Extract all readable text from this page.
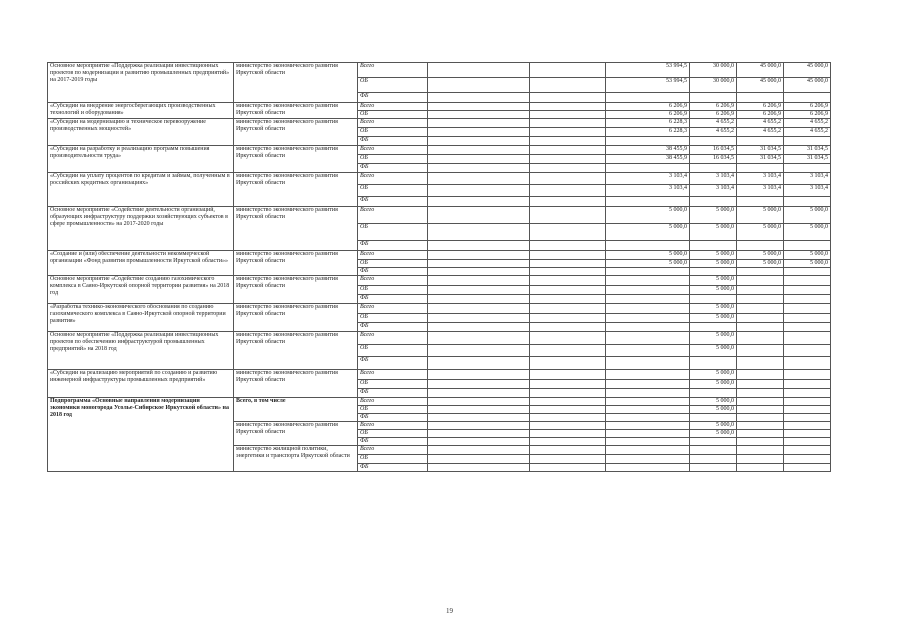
Основное мероприятие «Поддержка реализации инвестиционных проектов по модернизации и развитию промышленных предприятий» на 2017-2019 годы	министерство экономического развития Иркутской области	Всего			53 994,5	30 000,0	45 000,0	45 000,0
		ОБ			53 994,5	30 000,0	45 000,0	45 000,0
		ФБ						
«Субсидии на внедрение энергосберегающих производственных технологий и оборудования»	министерство экономического развития Иркутской области	Всего			6 206,9	6 206,9	6 206,9	6 206,9
		ОБ			6 206,9	6 206,9	6 206,9	6 206,9
«Субсидии на модернизацию и техническое перевооружение производственных мощностей»	министерство экономического развития Иркутской области	Всего			6 228,3	4 655,2	4 655,2	4 655,2
		ОБ			6 228,3	4 655,2	4 655,2	4 655,2
		ФБ						
«Субсидии на разработку и реализацию программ повышения производительности труда»	министерство экономического развития Иркутской области	Всего			38 455,9	16 034,5	31 034,5	31 034,5
		ОБ			38 455,9	16 034,5	31 034,5	31 034,5
		ФБ						
«Субсидии на уплату процентов по кредитам и займам, полученным в российских кредитных организациях»	министерство экономического развития Иркутской области	Всего			3 103,4	3 103,4	3 103,4	3 103,4
		ОБ			3 103,4	3 103,4	3 103,4	3 103,4
		ФБ						
Основное мероприятие «Содействие деятельности организаций, образующих инфраструктуру поддержки хозяйствующих субъектов в сфере промышленности» на 2017-2020 годы	министерство экономического развития Иркутской области	Всего			5 000,0	5 000,0	5 000,0	5 000,0
		ОБ			5 000,0	5 000,0	5 000,0	5 000,0
		ФБ						
«Создание и (или) обеспечение деятельности некоммерческой организации «Фонд развития промышленности Иркутской области»»	министерство экономического развития Иркутской области	Всего			5 000,0	5 000,0	5 000,0	5 000,0
		ОБ			5 000,0	5 000,0	5 000,0	5 000,0
		ФБ						
Основное мероприятие «Содействие созданию газохимического комплекса в Саяно-Иркутской опорной территории развития» на 2018 год	министерство экономического развития Иркутской области	Всего				5 000,0		
		ОБ				5 000,0		
		ФБ						
«Разработка технико-экономического обоснования по созданию газохимического комплекса в Саяно-Иркутской опорной территории развития»	министерство экономического развития Иркутской области	Всего				5 000,0		
		ОБ				5 000,0		
		ФБ						
Основное мероприятие «Поддержка реализации инвестиционных проектов по обеспечению инфраструктурой промышленных предприятий» на 2018 год	министерство экономического развития Иркутской области	Всего				5 000,0		
		ОБ				5 000,0		
		ФБ						
«Субсидии на реализацию мероприятий по созданию и развитию инженерной инфраструктуры промышленных предприятий»	министерство экономического развития Иркутской области	Всего				5 000,0		
		ОБ				5 000,0		
		ФБ						
Подпрограмма «Основные направления модернизации экономики моногорода Усолье-Сибирское Иркутской области» на 2018 год	Всего, в том числе	Всего				5 000,0		
		ОБ				5 000,0		
		ФБ						
	министерство экономического развития Иркутской области	Всего				5 000,0		
		ОБ				5 000,0		
		ФБ						
	министерство жилищной политики, энергетики и транспорта Иркутской области	Всего						
		ОБ						
		ФБ						
19
